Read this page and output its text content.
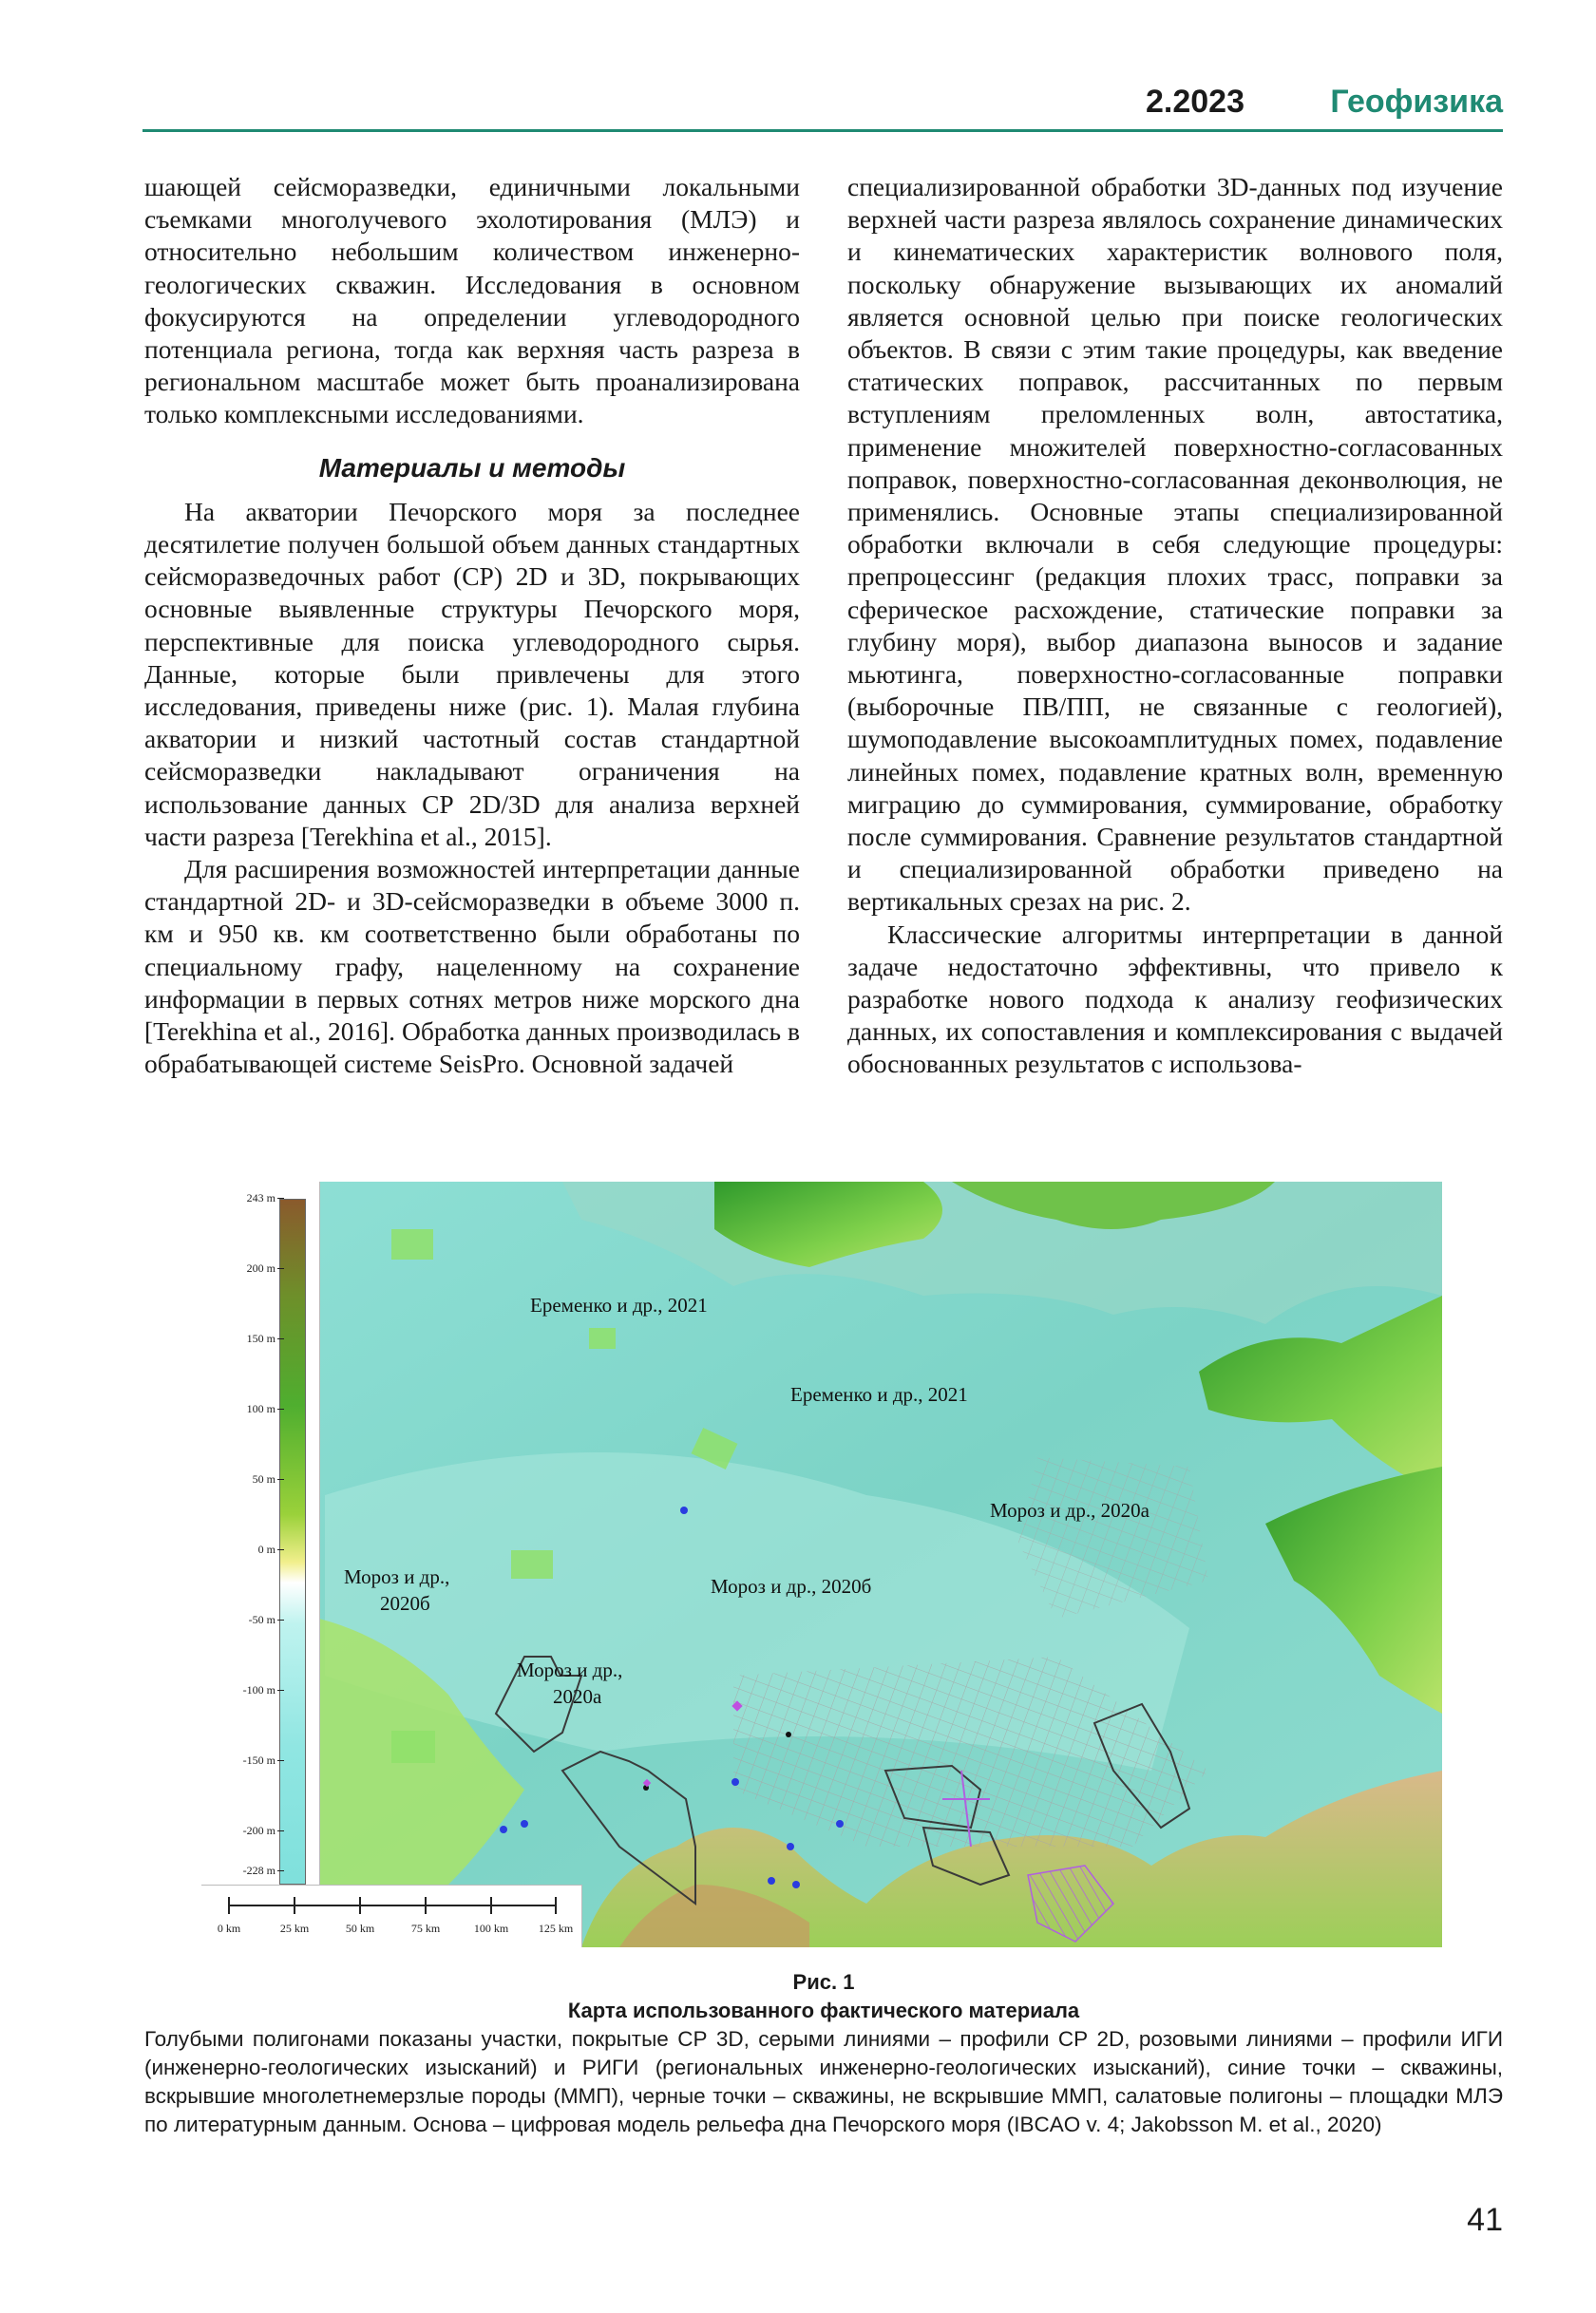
2.2023	Геофизика

шающей сейсморазведки, единичными локальными съемками многолучевого эхолотирования (МЛЭ) и относительно небольшим количеством инженерно-геологических скважин. Исследования в основном фокусируются на определении углеводородного потенциала региона, тогда как верхняя часть разреза в региональном масштабе может быть проанализирована только комплексными исследованиями.

Материалы и методы

На акватории Печорского моря за последнее десятилетие получен большой объем данных стандартных сейсморазведочных работ (СР) 2D и 3D, покрывающих основные выявленные структуры Печорского моря, перспективные для поиска углеводородного сырья. Данные, которые были привлечены для этого исследования, приведены ниже (рис. 1). Малая глубина акватории и низкий частотный состав стандартной сейсморазведки накладывают ограничения на использование данных СР 2D/3D для анализа верхней части разреза [Terekhina et al., 2015].

Для расширения возможностей интерпретации данные стандартной 2D- и 3D-сейсморазведки в объеме 3000 п. км и 950 кв. км соответственно были обработаны по специальному графу, нацеленному на сохранение информации в первых сотнях метров ниже морского дна [Terekhina et al., 2016]. Обработка данных производилась в обрабатывающей системе SeisPro. Основной задачей

специализированной обработки 3D-данных под изучение верхней части разреза являлось сохранение динамических и кинематических характеристик волнового поля, поскольку обнаружение вызывающих их аномалий является основной целью при поиске геологических объектов. В связи с этим такие процедуры, как введение статических поправок, рассчитанных по первым вступлениям преломленных волн, автостатика, применение множителей поверхностно-согласованных поправок, поверхностно-согласованная деконволюция, не применялись. Основные этапы специализированной обработки включали в себя следующие процедуры: препроцессинг (редакция плохих трасс, поправки за сферическое расхождение, статические поправки за глубину моря), выбор диапазона выносов и задание мьютинга, поверхностно-согласованные поправки (выборочные ПВ/ПП, не связанные с геологией), шумоподавление высокоамплитудных помех, подавление линейных помех, подавление кратных волн, временную миграцию до суммирования, суммирование, обработку после суммирования. Сравнение результатов стандартной и специализированной обработки приведено на вертикальных срезах на рис. 2.

Классические алгоритмы интерпретации в данной задаче недостаточно эффективны, что привело к разработке нового подхода к анализу геофизических данных, их сопоставления и комплексирования с выдачей обоснованных результатов с использова-

243 m
200 m
150 m
100 m
50 m
0 m
-50 m
-100 m
-150 m
-200 m
-228 m
0 km	25 km	50 km	75 km	100 km	125 km
Еременко и др., 2021
Еременко и др., 2021
Мороз и др., 2020а
Мороз и др.,
2020б
Мороз и др., 2020б
Мороз и др.,
2020а
Рис. 1
Карта использованного фактического материала
Голубыми полигонами показаны участки, покрытые СР 3D, серыми линиями – профили СР 2D, розовыми линиями – профили ИГИ (инженерно-геологических изысканий) и РИГИ (региональных инженерно-геологических изысканий), синие точки – скважины, вскрывшие многолетнемерзлые породы (ММП), черные точки – скважины, не вскрывшие ММП, салатовые полигоны – площадки МЛЭ по литературным данным. Основа – цифровая модель рельефа дна Печорского моря (IBCAO v. 4; Jakobsson M. et al., 2020)
41
